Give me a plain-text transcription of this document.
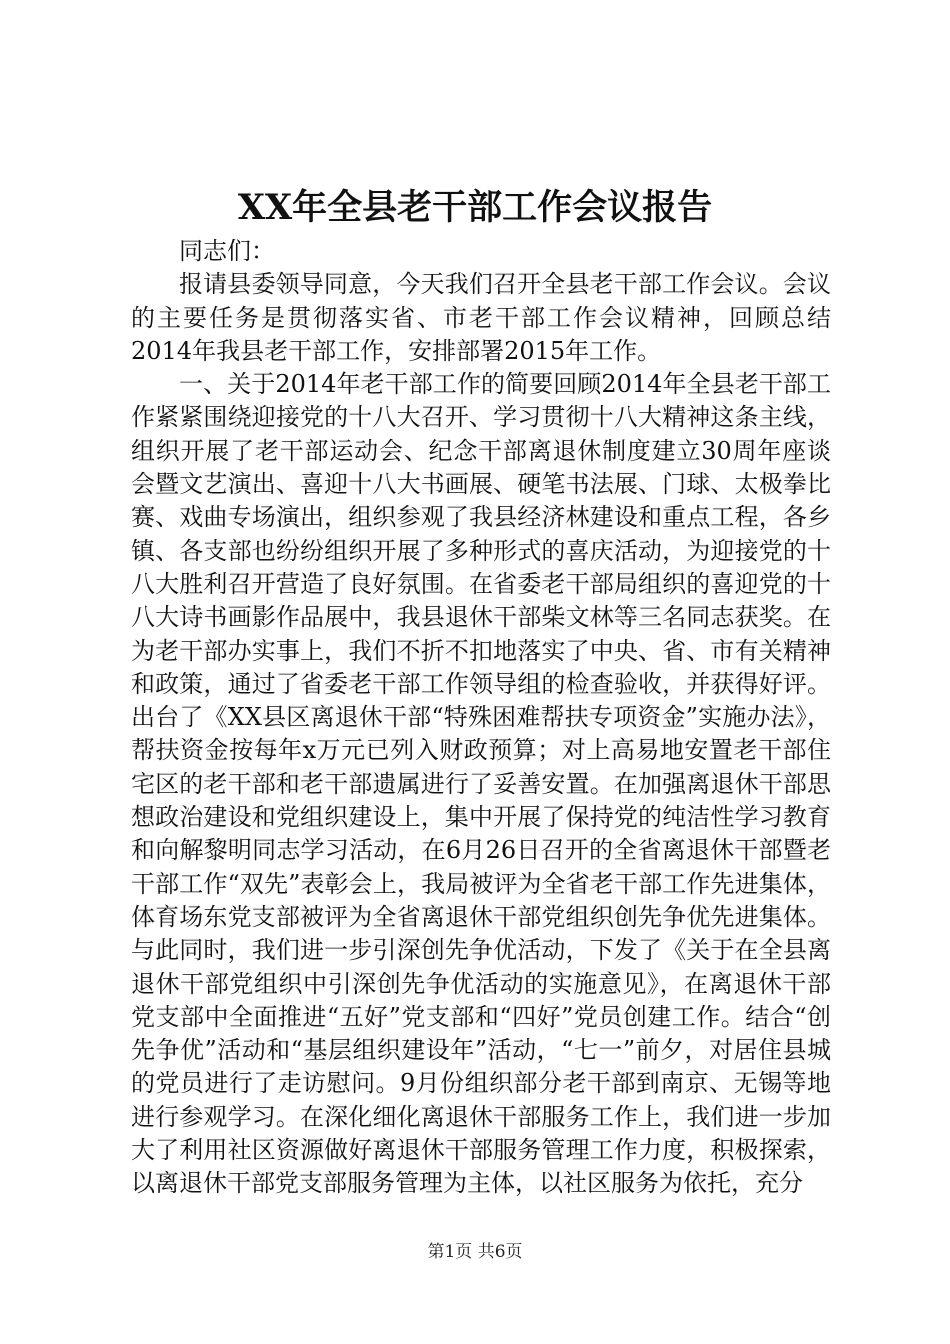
XX年全县老干部工作会议报告

同志们：

报请县委领导同意，今天我们召开全县老干部工作会议。会议的主要任务是贯彻落实省、市老干部工作会议精神，回顾总结2014年我县老干部工作，安排部署2015年工作。

一、关于2014年老干部工作的简要回顾2014年全县老干部工作紧紧围绕迎接党的十八大召开、学习贯彻十八大精神这条主线，组织开展了老干部运动会、纪念干部离退休制度建立30周年座谈会暨文艺演出、喜迎十八大书画展、硬笔书法展、门球、太极拳比赛、戏曲专场演出，组织参观了我县经济林建设和重点工程，各乡镇、各支部也纷纷组织开展了多种形式的喜庆活动，为迎接党的十八大胜利召开营造了良好氛围。在省委老干部局组织的喜迎党的十八大诗书画影作品展中，我县退休干部柴文林等三名同志获奖。在为老干部办实事上，我们不折不扣地落实了中央、省、市有关精神和政策，通过了省委老干部工作领导组的检查验收，并获得好评。出台了《XX县区离退休干部“特殊困难帮扶专项资金”实施办法》，帮扶资金按每年x万元已列入财政预算；对上高易地安置老干部住宅区的老干部和老干部遗属进行了妥善安置。在加强离退休干部思想政治建设和党组织建设上，集中开展了保持党的纯洁性学习教育和向解黎明同志学习活动，在6月26日召开的全省离退休干部暨老干部工作“双先”表彰会上，我局被评为全省老干部工作先进集体，体育场东党支部被评为全省离退休干部党组织创先争优先进集体。与此同时，我们进一步引深创先争优活动，下发了《关于在全县离退休干部党组织中引深创先争优活动的实施意见》，在离退休干部党支部中全面推进“五好”党支部和“四好”党员创建工作。结合“创先争优”活动和“基层组织建设年”活动，“七一”前夕，对居住县城的党员进行了走访慰问。9月份组织部分老干部到南京、无锡等地进行参观学习。在深化细化离退休干部服务工作上，我们进一步加大了利用社区资源做好离退休干部服务管理工作力度，积极探索，以离退休干部党支部服务管理为主体，以社区服务为依托，充分

第1页 共6页
